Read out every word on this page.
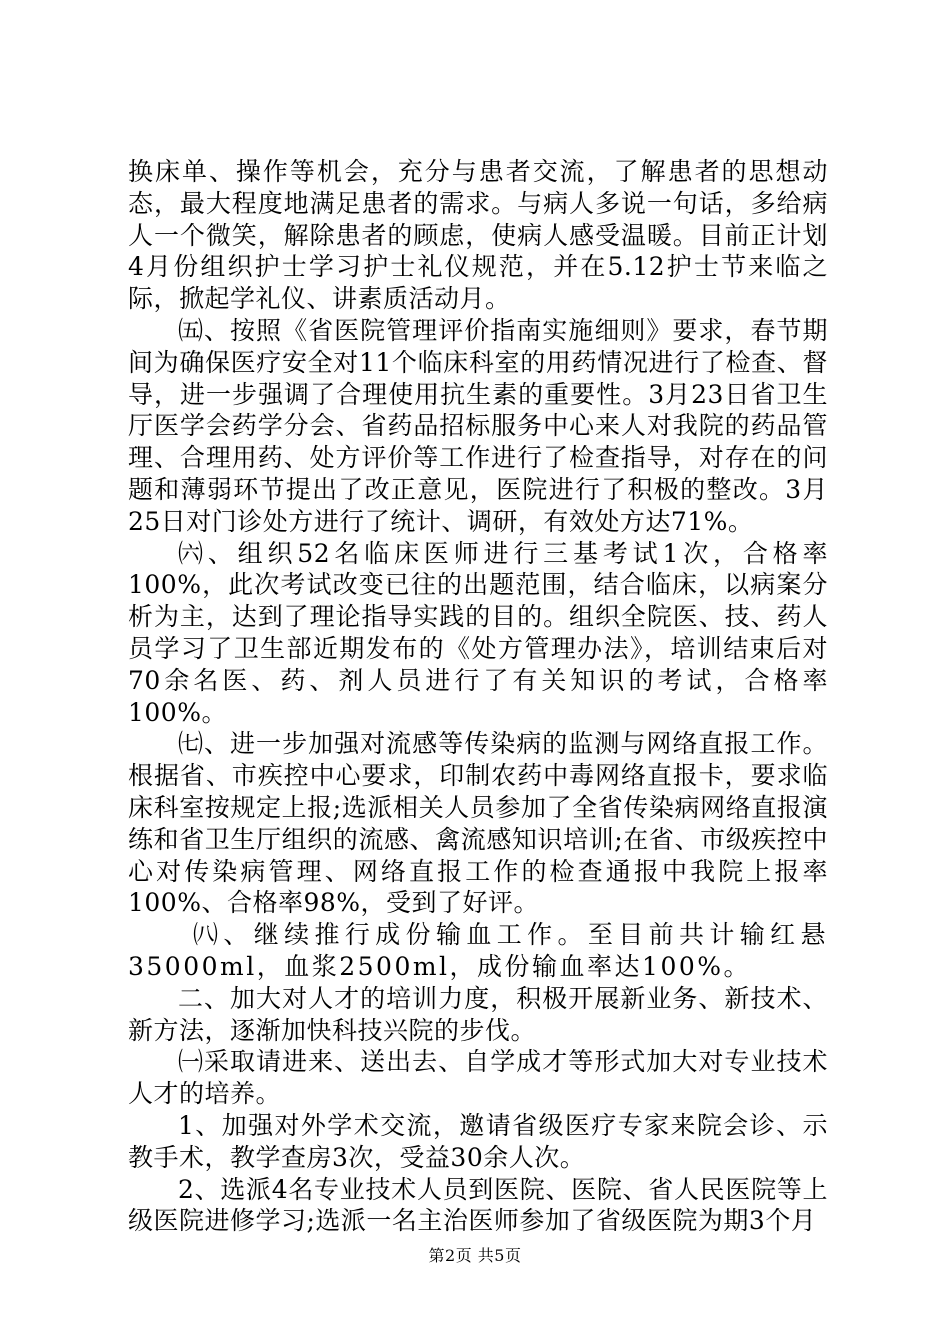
换床单、操作等机会，充分与患者交流，了解患者的思想动态，最大程度地满足患者的需求。与病人多说一句话，多给病人一个微笑，解除患者的顾虑，使病人感受温暖。目前正计划4月份组织护士学习护士礼仪规范，并在5.12护士节来临之际，掀起学礼仪、讲素质活动月。

㈤、按照《省医院管理评价指南实施细则》要求，春节期间为确保医疗安全对11个临床科室的用药情况进行了检查、督导，进一步强调了合理使用抗生素的重要性。3月23日省卫生厅医学会药学分会、省药品招标服务中心来人对我院的药品管理、合理用药、处方评价等工作进行了检查指导，对存在的问题和薄弱环节提出了改正意见，医院进行了积极的整改。3月25日对门诊处方进行了统计、调研，有效处方达71%。

㈥、组织52名临床医师进行三基考试1次，合格率100%，此次考试改变已往的出题范围，结合临床，以病案分析为主，达到了理论指导实践的目的。组织全院医、技、药人员学习了卫生部近期发布的《处方管理办法》，培训结束后对70余名医、药、剂人员进行了有关知识的考试，合格率100%。

㈦、进一步加强对流感等传染病的监测与网络直报工作。根据省、市疾控中心要求，印制农药中毒网络直报卡，要求临床科室按规定上报;选派相关人员参加了全省传染病网络直报演练和省卫生厅组织的流感、禽流感知识培训;在省、市级疾控中心对传染病管理、网络直报工作的检查通报中我院上报率100%、合格率98%，受到了好评。

㈧、继续推行成份输血工作。至目前共计输红悬35000ml，血浆2500ml，成份输血率达100%。

二、加大对人才的培训力度，积极开展新业务、新技术、新方法，逐渐加快科技兴院的步伐。

㈠采取请进来、送出去、自学成才等形式加大对专业技术人才的培养。

1、加强对外学术交流，邀请省级医疗专家来院会诊、示教手术，教学查房3次，受益30余人次。

2、选派4名专业技术人员到医院、医院、省人民医院等上级医院进修学习;选派一名主治医师参加了省级医院为期3个月

第2页 共5页
